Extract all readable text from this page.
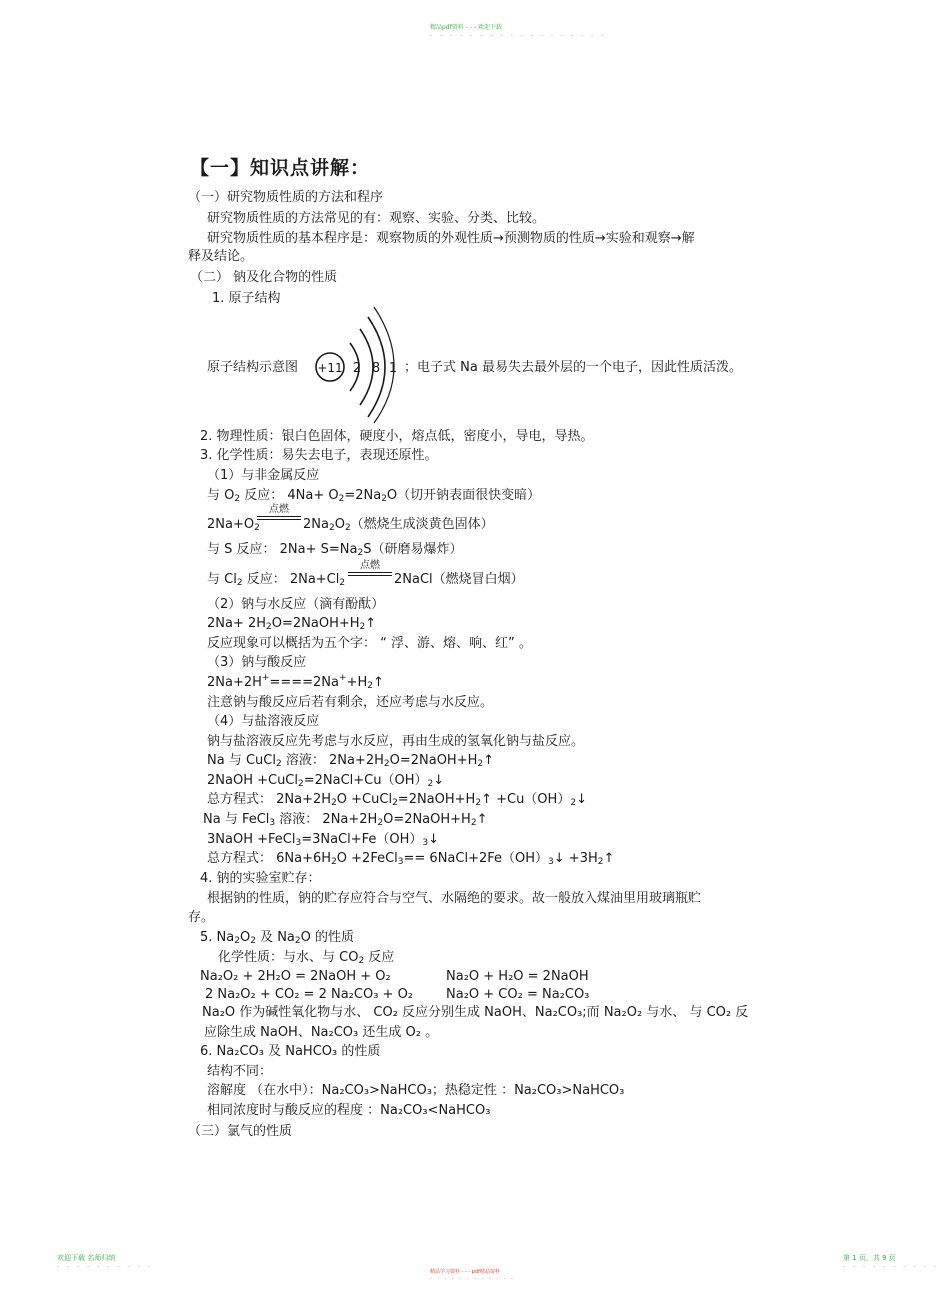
精品pdf资料 - - - 欢迎下载
- - - - - - - - - - - - - - - - - -
【一】知识点讲解：
（一）研究物质性质的方法和程序
研究物质性质的方法常见的有：观察、实验、分类、比较。
研究物质性质的基本程序是：观察物质的外观性质→预测物质的性质→实验和观察→解
释及结论。
（二） 钠及化合物的性质
1. 原子结构
原子结构示意图 +11 2 8 1 ；电子式 Na 最易失去最外层的一个电子，因此性质活泼。
2. 物理性质：银白色固体，硬度小，熔点低，密度小，导电，导热。
3. 化学性质：易失去电子，表现还原性。
（1）与非金属反应
与 $O_2$ 反应： $4Na+ O_2=2Na_2O$（切开钠表面很快变暗）
$2Na+O_2$
点燃
$2Na_2O_2$（燃烧生成淡黄色固体）
与 S 反应： $2Na+ S=Na_2S$（研磨易爆炸）
与 $Cl_2$ 反应： $2Na+Cl_2$
点燃
2NaCl（燃烧冒白烟）
（2）钠与水反应（滴有酚酞）
$2Na+ 2H_2O=2NaOH+H_2↑$
反应现象可以概括为五个字： “ 浮、游、熔、响、红” 。
（3）钠与酸反应
$2Na+2H^+====2Na^++H_2↑$
注意钠与酸反应后若有剩余，还应考虑与水反应。
（4）与盐溶液反应
钠与盐溶液反应先考虑与水反应，再由生成的氢氧化钠与盐反应。
Na 与 CuCl$_2$ 溶液： $2Na+2H_2O=2NaOH+H_2↑$
2NaOH $+CuCl_2=2NaCl+Cu(OH)_2↓$
总方程式： $2Na+2H_2O$ $+CuCl_2=2NaOH+H_2↑$ $+Cu(OH)_2↓$
Na 与 FeCl$_3$ 溶液： $2Na+2H_2O=2NaOH+H_2↑$
3NaOH $+FeCl_3=3NaCl+Fe(OH)_3↓$
总方程式： $6Na+6H_2O$ +2FeCl$_3$== $6NaCl+2Fe(OH)_3↓$ $+3H_2↑$
4. 钠的实验室贮存：
根据钠的性质，钠的贮存应符合与空气、水隔绝的要求。故一般放入煤油里用玻璃瓶贮
存。
5. $Na_2O_2$ 及 $Na_2O$ 的性质
化学性质：与水、与 $CO_2$ 反应
Na₂O₂ + 2H₂O = 2NaOH + O₂	Na₂O + H₂O = 2NaOH
2 Na₂O₂ + CO₂ = 2 Na₂CO₃ + O₂	Na₂O + CO₂ = Na₂CO₃
Na₂O 作为碱性氧化物与水、 CO₂ 反应分别生成 NaOH、Na₂CO₃;而 Na₂O₂ 与水、 与 CO₂ 反
应除生成 NaOH、Na₂CO₃ 还生成 O₂ 。
6. Na₂CO₃ 及 NaHCO₃ 的性质
结构不同：
溶解度 （在水中）：Na₂CO₃>NaHCO₃；热稳定性 ：Na₂CO₃>NaHCO₃
相同浓度时与酸反应的程度 ：Na₂CO₃<NaHCO₃
（三）氯气的性质
欢迎下载 名师归纳
- - - - - - - - - -
精品学习资料 - - - pdf精品资料
- - - - - - - - - - - -
第 1 页，共 9 页
- - - - - - - - - -
